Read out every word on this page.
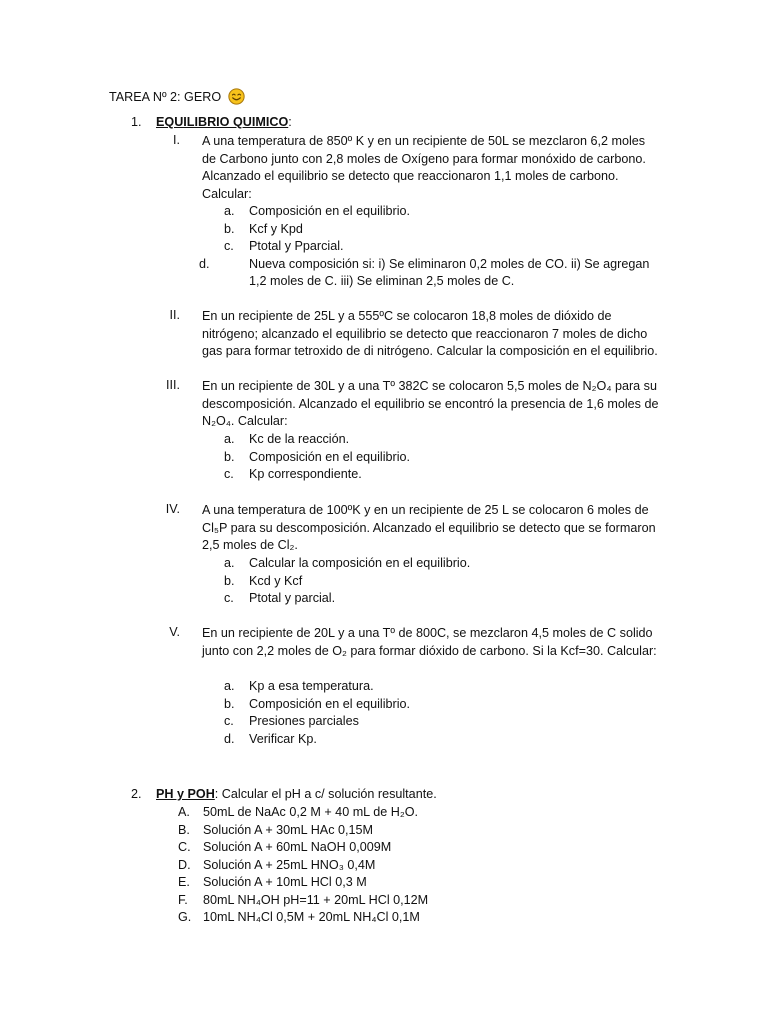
TAREA Nº 2: GERO
1. EQUILIBRIO QUIMICO:
I. A una temperatura de 850º K y en un recipiente de 50L se mezclaron 6,2 moles de Carbono junto con 2,8 moles de Oxígeno para formar monóxido de carbono. Alcanzado el equilibrio se detecto que reaccionaron 1,1 moles de carbono. Calcular:
a. Composición en el equilibrio.
b. Kcf y Kpd
c. Ptotal y Pparcial.
d.	Nueva composición si: i) Se eliminaron 0,2 moles de CO. ii) Se agregan 1,2 moles de C. iii) Se eliminan 2,5 moles de C.
II. En un recipiente de 25L y a 555ºC se colocaron 18,8 moles de dióxido de nitrógeno; alcanzado el equilibrio se detecto que reaccionaron 7 moles de dicho gas para formar tetroxido de di nitrógeno. Calcular la composición en el equilibrio.
III. En un recipiente de 30L y a una Tº 382C se colocaron 5,5 moles de N₂O₄ para su descomposición. Alcanzado el equilibrio se encontró la presencia de 1,6 moles de N₂O₄. Calcular:
a. Kc de la reacción.
b. Composición en el equilibrio.
c. Kp correspondiente.
IV. A una temperatura de 100ºK y en un recipiente de 25 L se colocaron 6 moles de Cl₅P para su descomposición. Alcanzado el equilibrio se detecto que se formaron 2,5 moles de Cl₂.
a. Calcular la composición en el equilibrio.
b. Kcd y Kcf
c. Ptotal y parcial.
V. En un recipiente de 20L y a una Tº de 800C, se mezclaron 4,5 moles de C solido junto con 2,2 moles de O₂ para formar dióxido de carbono. Si la Kcf=30. Calcular:
a. Kp a esa temperatura.
b. Composición en el equilibrio.
c. Presiones parciales
d. Verificar Kp.
2. PH y POH: Calcular el pH a c/ solución resultante.
A. 50mL de NaAc 0,2 M + 40 mL de H₂O.
B. Solución A + 30mL HAc 0,15M
C. Solución A + 60mL NaOH 0,009M
D. Solución A + 25mL HNO₃ 0,4M
E. Solución A + 10mL HCl 0,3 M
F. 80mL NH₄OH pH=11 + 20mL HCl 0,12M
G. 10mL NH₄Cl 0,5M + 20mL NH₄Cl 0,1M
